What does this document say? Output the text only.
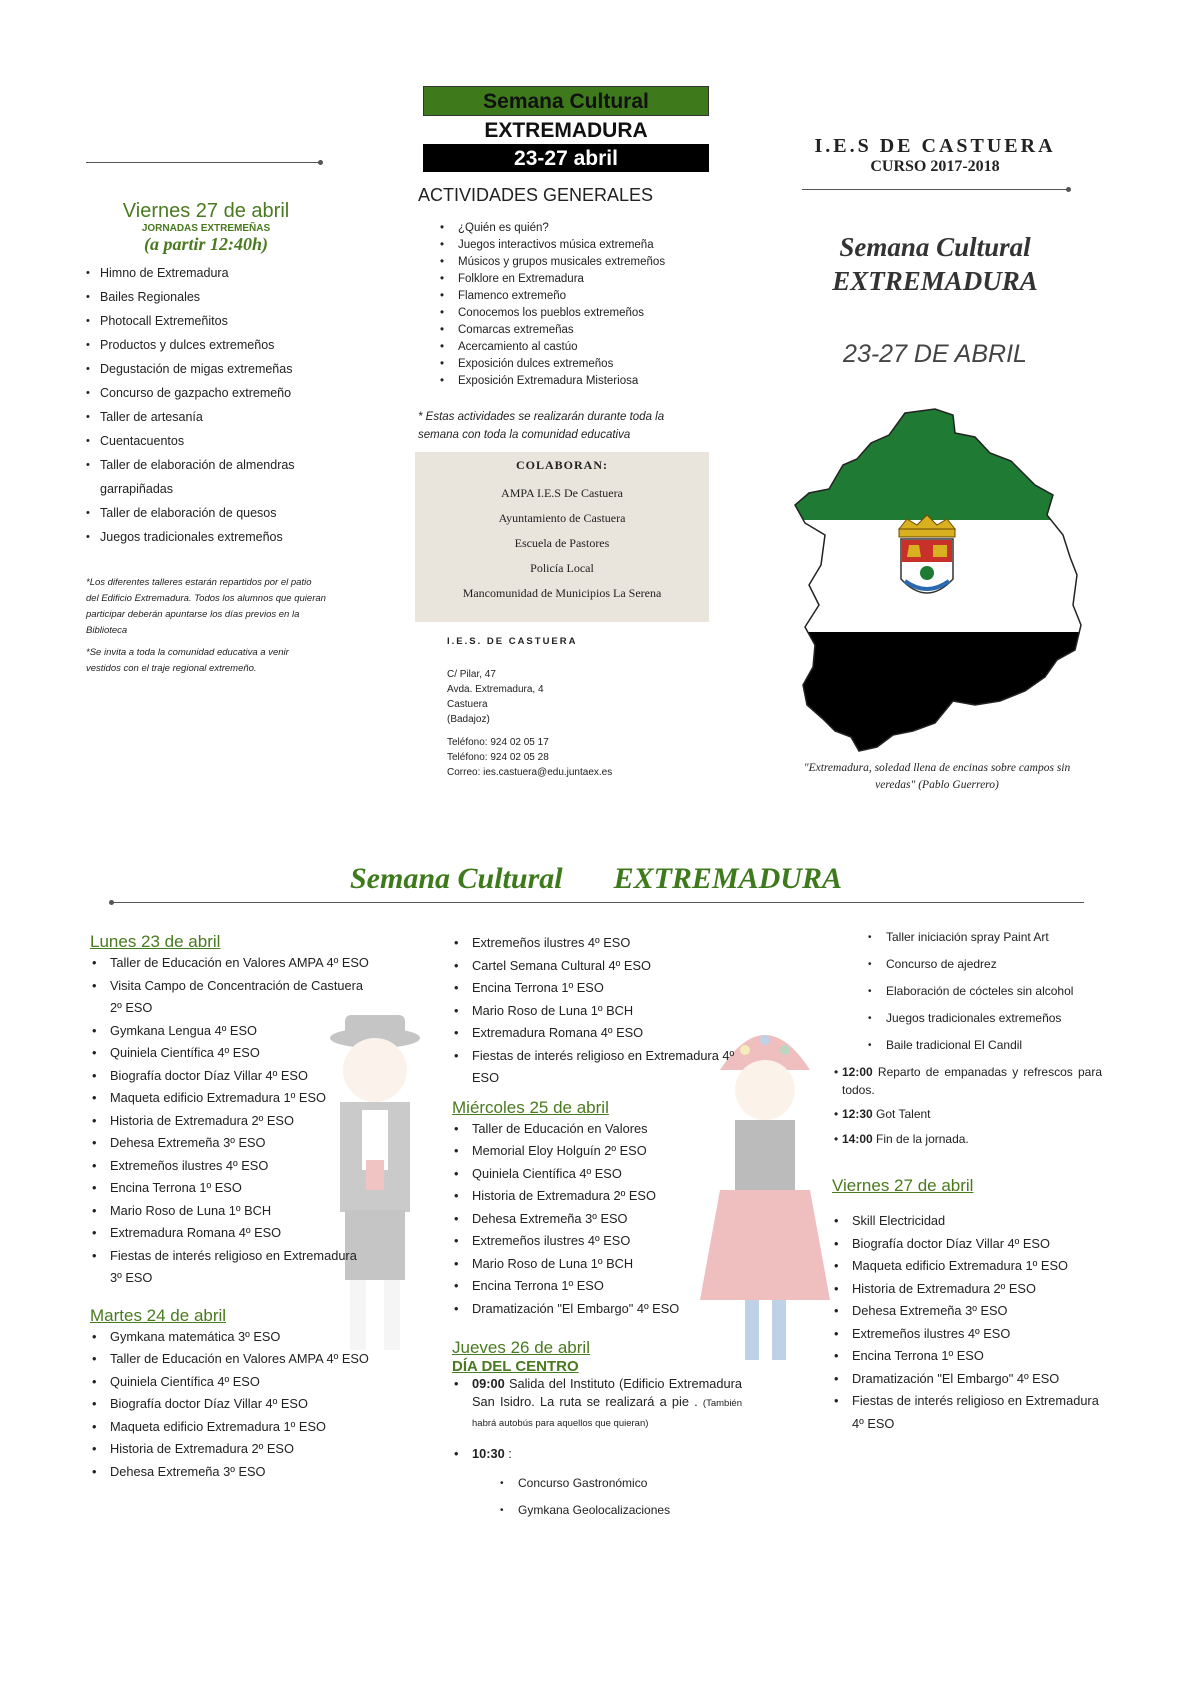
Viernes 27 de abril
JORNADAS EXTREMEÑAS
(a partir 12:40h)
• Himno de Extremadura
• Bailes Regionales
• Photocall Extremeñitos
• Productos y dulces extremeños
• Degustación de migas extremeñas
• Concurso de gazpacho extremeño
• Taller de artesanía
• Cuentacuentos
• Taller de elaboración de almendras garrapiñadas
• Taller de elaboración de quesos
• Juegos tradicionales extremeños
*Los diferentes talleres estarán repartidos por el patio del Edificio Extremadura. Todos los alumnos que quieran participar deberán apuntarse los días previos en la Biblioteca
*Se invita a toda la comunidad educativa a venir vestidos con el traje regional extremeño.
Semana Cultural
EXTREMADURA
23-27 abril
ACTIVIDADES GENERALES
• ¿Quién es quién?
• Juegos interactivos música extremeña
• Músicos y grupos musicales extremeños
• Folklore en Extremadura
• Flamenco extremeño
• Conocemos los pueblos extremeños
• Comarcas extremeñas
• Acercamiento al castúo
• Exposición dulces extremeños
• Exposición Extremadura Misteriosa
* Estas actividades se realizarán durante toda la semana con toda la comunidad educativa
COLABORAN:
AMPA I.E.S De Castuera
Ayuntamiento de Castuera
Escuela de Pastores
Policía Local
Mancomunidad de Municipios La Serena
I.E.S. DE CASTUERA
C/ Pilar, 47
Avda. Extremadura, 4
Castuera
(Badajoz)
Teléfono: 924 02 05 17
Teléfono: 924 02 05 28
Correo: ies.castuera@edu.juntaex.es
I.E.S DE CASTUERA
CURSO 2017-2018
Semana Cultural
EXTREMADURA
23-27 DE ABRIL
"Extremadura, soledad llena de encinas sobre campos sin veredas" (Pablo Guerrero)
Semana Cultural EXTREMADURA
Lunes 23 de abril
• Taller de Educación en Valores AMPA 4º ESO
• Visita Campo de Concentración de Castuera 2º ESO
• Gymkana Lengua 4º ESO
• Quiniela Científica 4º ESO
• Biografía doctor Díaz Villar 4º ESO
• Maqueta edificio Extremadura 1º ESO
• Historia de Extremadura 2º ESO
• Dehesa Extremeña 3º ESO
• Extremeños ilustres 4º ESO
• Encina Terrona 1º ESO
• Mario Roso de Luna 1º BCH
• Extremadura Romana 4º ESO
• Fiestas de interés religioso en Extremadura 3º ESO
Martes 24 de abril
• Gymkana matemática 3º ESO
• Taller de Educación en Valores AMPA 4º ESO
• Quiniela Científica 4º ESO
• Biografía doctor Díaz Villar 4º ESO
• Maqueta edificio Extremadura 1º ESO
• Historia de Extremadura 2º ESO
• Dehesa Extremeña 3º ESO
• Extremeños ilustres 4º ESO
• Cartel Semana Cultural 4º ESO
• Encina Terrona 1º ESO
• Mario Roso de Luna 1º BCH
• Extremadura Romana 4º ESO
• Fiestas de interés religioso en Extremadura 4º ESO
Miércoles 25 de abril
• Taller de Educación en Valores
• Memorial Eloy Holguín 2º ESO
• Quiniela Científica 4º ESO
• Historia de Extremadura 2º ESO
• Dehesa Extremeña 3º ESO
• Extremeños ilustres 4º ESO
• Mario Roso de Luna 1º BCH
• Encina Terrona 1º ESO
• Dramatización "El Embargo" 4º ESO
Jueves 26 de abril
DÍA DEL CENTRO
• 09:00 Salida del Instituto (Edificio Extremadura San Isidro. La ruta se realizará a pie . (También habrá autobús para aquellos que quieran)
• 10:30 :
• Concurso Gastronómico
• Gymkana Geolocalizaciones
• Taller iniciación spray Paint Art
• Concurso de ajedrez
• Elaboración de cócteles sin alcohol
• Juegos tradicionales extremeños
• Baile tradicional El Candil
• 12:00 Reparto de empanadas y refrescos para todos.
• 12:30 Got Talent
• 14:00 Fin de la jornada.
Viernes 27 de abril
• Skill Electricidad
• Biografía doctor Díaz Villar 4º ESO
• Maqueta edificio Extremadura 1º ESO
• Historia de Extremadura 2º ESO
• Dehesa Extremeña 3º ESO
• Extremeños ilustres 4º ESO
• Encina Terrona 1º ESO
• Dramatización "El Embargo" 4º ESO
• Fiestas de interés religioso en Extremadura 4º ESO
